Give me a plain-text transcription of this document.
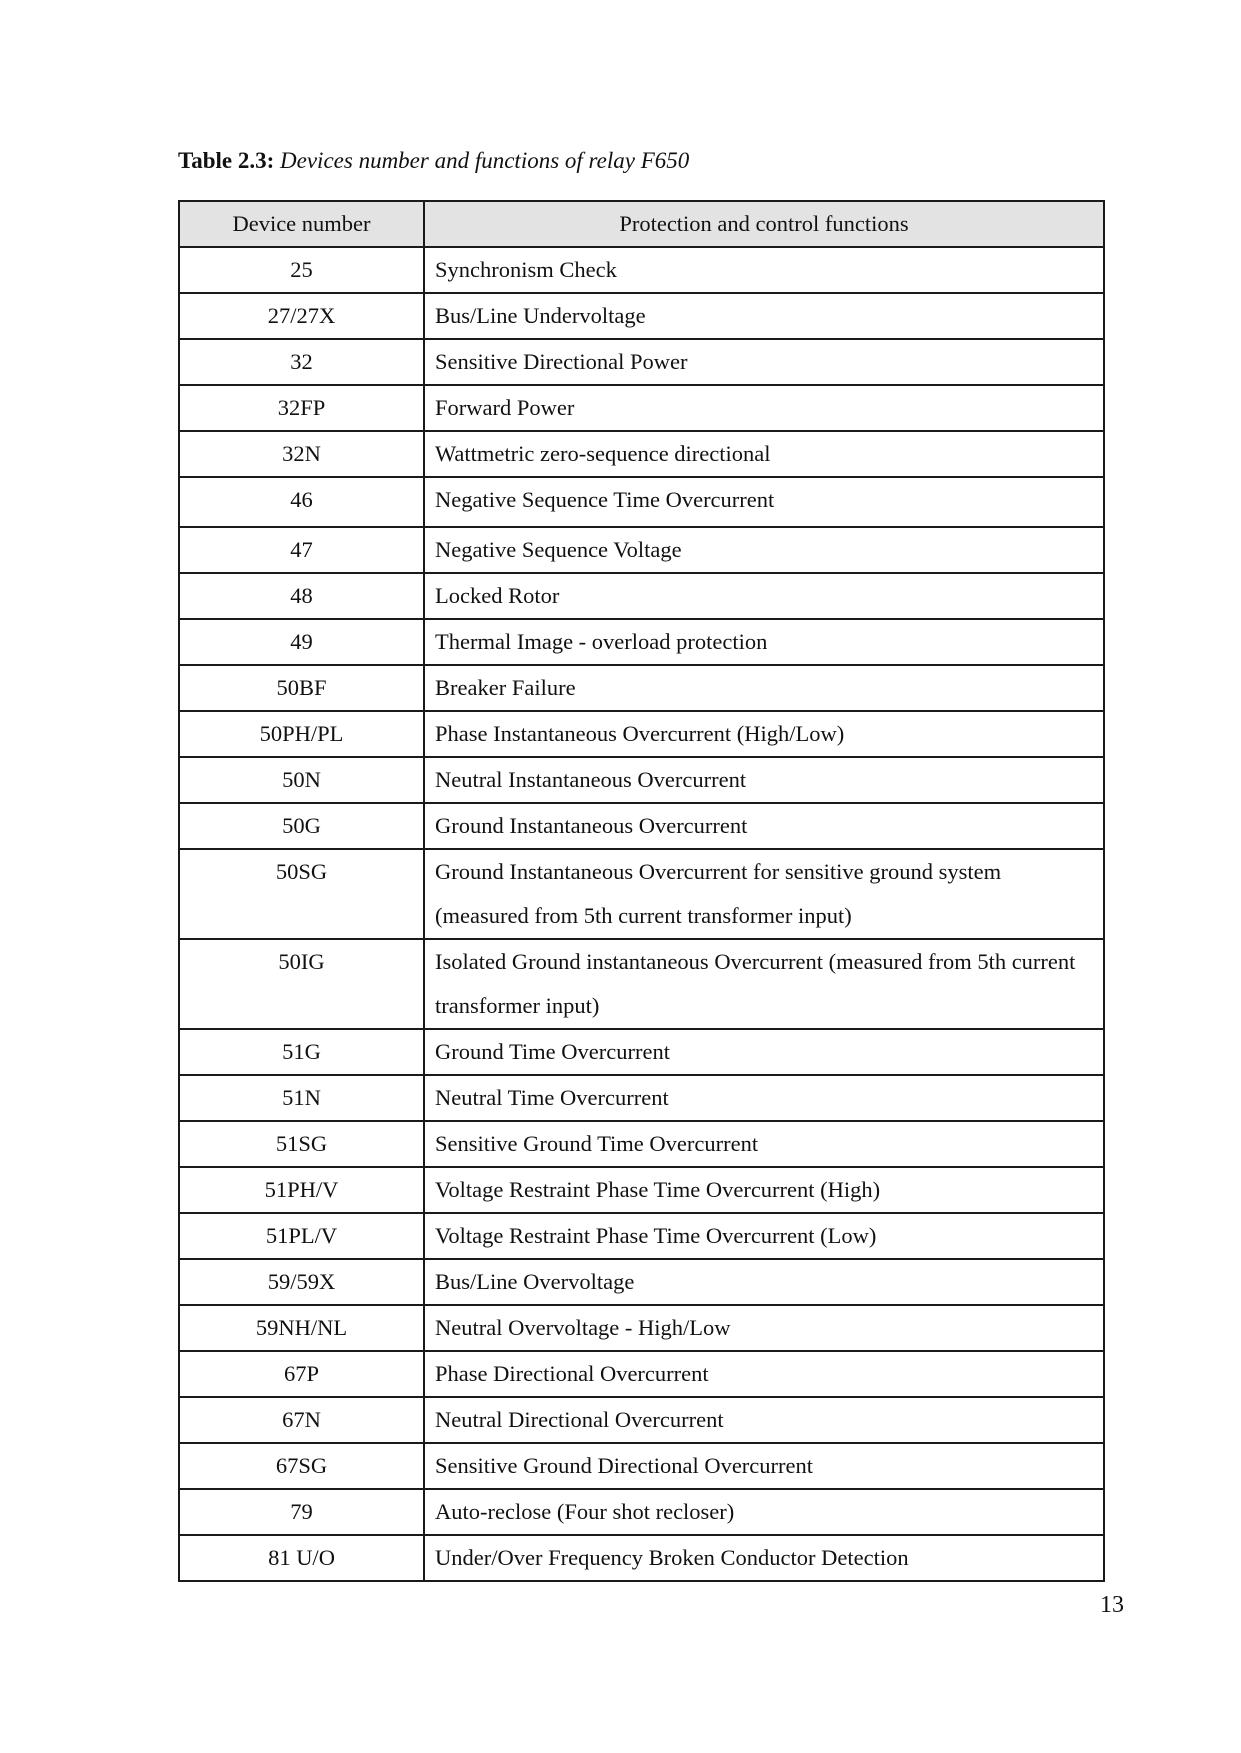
Table 2.3: Devices number and functions of relay F650
Device number	Protection and control functions
25	Synchronism Check
27/27X	Bus/Line Undervoltage
32	Sensitive Directional Power
32FP	Forward Power
32N	Wattmetric zero-sequence directional
46	Negative Sequence Time Overcurrent
47	Negative Sequence Voltage
48	Locked Rotor
49	Thermal Image - overload protection
50BF	Breaker Failure
50PH/PL	Phase Instantaneous Overcurrent (High/Low)
50N	Neutral Instantaneous Overcurrent
50G	Ground Instantaneous Overcurrent
50SG	Ground Instantaneous Overcurrent for sensitive ground system (measured from 5th current transformer input)
50IG	Isolated Ground instantaneous Overcurrent (measured from 5th current transformer input)
51G	Ground Time Overcurrent
51N	Neutral Time Overcurrent
51SG	Sensitive Ground Time Overcurrent
51PH/V	Voltage Restraint Phase Time Overcurrent (High)
51PL/V	Voltage Restraint Phase Time Overcurrent (Low)
59/59X	Bus/Line Overvoltage
59NH/NL	Neutral Overvoltage - High/Low
67P	Phase Directional Overcurrent
67N	Neutral Directional Overcurrent
67SG	Sensitive Ground Directional Overcurrent
79	Auto-reclose (Four shot recloser)
81 U/O	Under/Over Frequency Broken Conductor Detection
13
